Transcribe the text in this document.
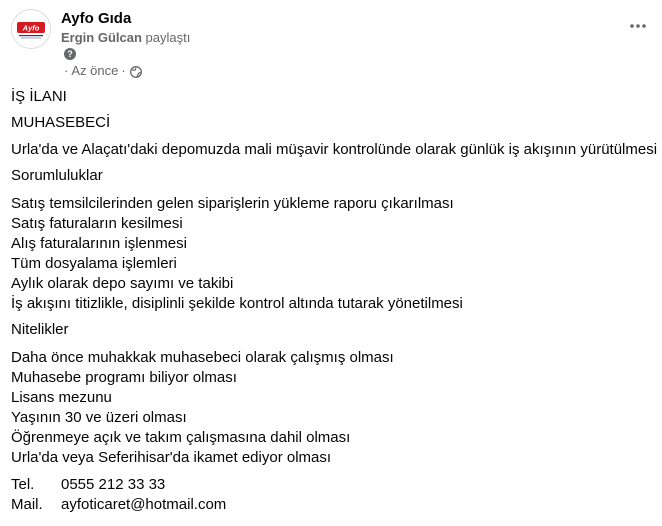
Ayfo
Ayfo Gıda
Ergin Gülcan paylaştı
?
· Az önce ·
İŞ İLANI
MUHASEBECİ
Urla'da ve Alaçatı'daki depomuzda mali müşavir kontrolünde olarak günlük iş akışının yürütülmesi
Sorumluluklar
Satış temsilcilerinden gelen siparişlerin yükleme raporu çıkarılması
Satış faturaların kesilmesi
Alış faturalarının işlenmesi
Tüm dosyalama işlemleri
Aylık olarak depo sayımı ve takibi
İş akışını titizlikle, disiplinli şekilde kontrol altında tutarak yönetilmesi
Nitelikler
Daha önce muhakkak muhasebeci olarak çalışmış olması
Muhasebe programı biliyor olması
Lisans mezunu
Yaşının 30 ve üzeri olması
Öğrenmeye açık ve takım çalışmasına dahil olması
Urla'da veya Seferihisar'da ikamet ediyor olması
Tel.	0555 212 33 33
Mail.	ayfoticaret@hotmail.com
